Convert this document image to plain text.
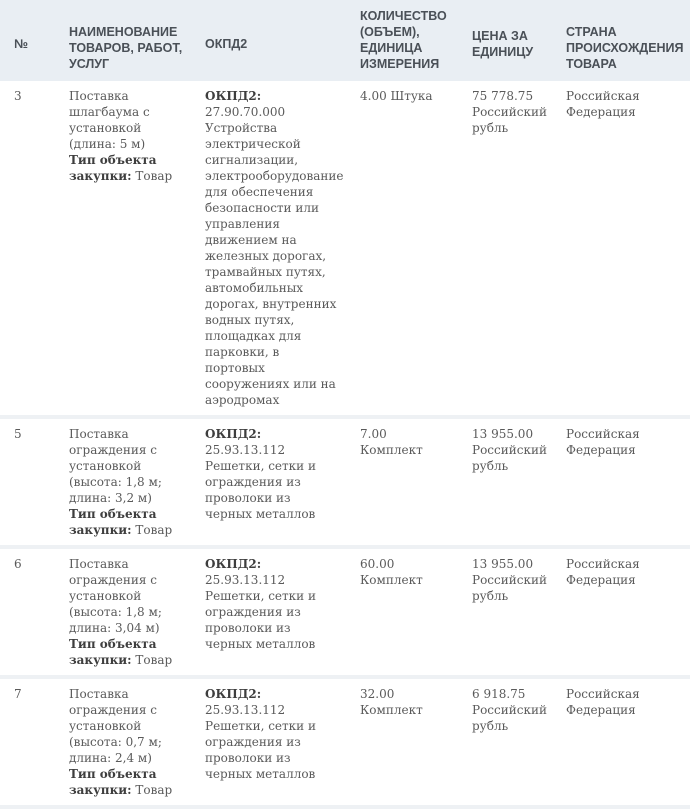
№	НАИМЕНОВАНИЕ
ТОВАРОВ, РАБОТ,
УСЛУГ	ОКПД2	КОЛИЧЕСТВО
(ОБЪЕМ),
ЕДИНИЦА
ИЗМЕРЕНИЯ	ЦЕНА ЗА
ЕДИНИЦУ	СТРАНА
ПРОИСХОЖДЕНИЯ
ТОВАРА

3	Поставка шлагбаума с установкой (длина: 5 м)
Тип объекта закупки: Товар	ОКПД2: 27.90.70.000 Устройства электрической сигнализации, электрооборудование для обеспечения безопасности или управления движением на железных дорогах, трамвайных путях, автомобильных дорогах, внутренних водных путях, площадках для парковки, в портовых сооружениях или на аэродромах	4.00 Штука	75 778.75 Российский рубль	Российская Федерация
5	Поставка ограждения с установкой (высота: 1,8 м; длина: 3,2 м)
Тип объекта закупки: Товар	ОКПД2: 25.93.13.112 Решетки, сетки и ограждения из проволоки из черных металлов	7.00 Комплект	13 955.00 Российский рубль	Российская Федерация
6	Поставка ограждения с установкой (высота: 1,8 м; длина: 3,04 м)
Тип объекта закупки: Товар	ОКПД2: 25.93.13.112 Решетки, сетки и ограждения из проволоки из черных металлов	60.00 Комплект	13 955.00 Российский рубль	Российская Федерация
7	Поставка ограждения с установкой (высота: 0,7 м; длина: 2,4 м)
Тип объекта закупки: Товар	ОКПД2: 25.93.13.112 Решетки, сетки и ограждения из проволоки из черных металлов	32.00 Комплект	6 918.75 Российский рубль	Российская Федерация
